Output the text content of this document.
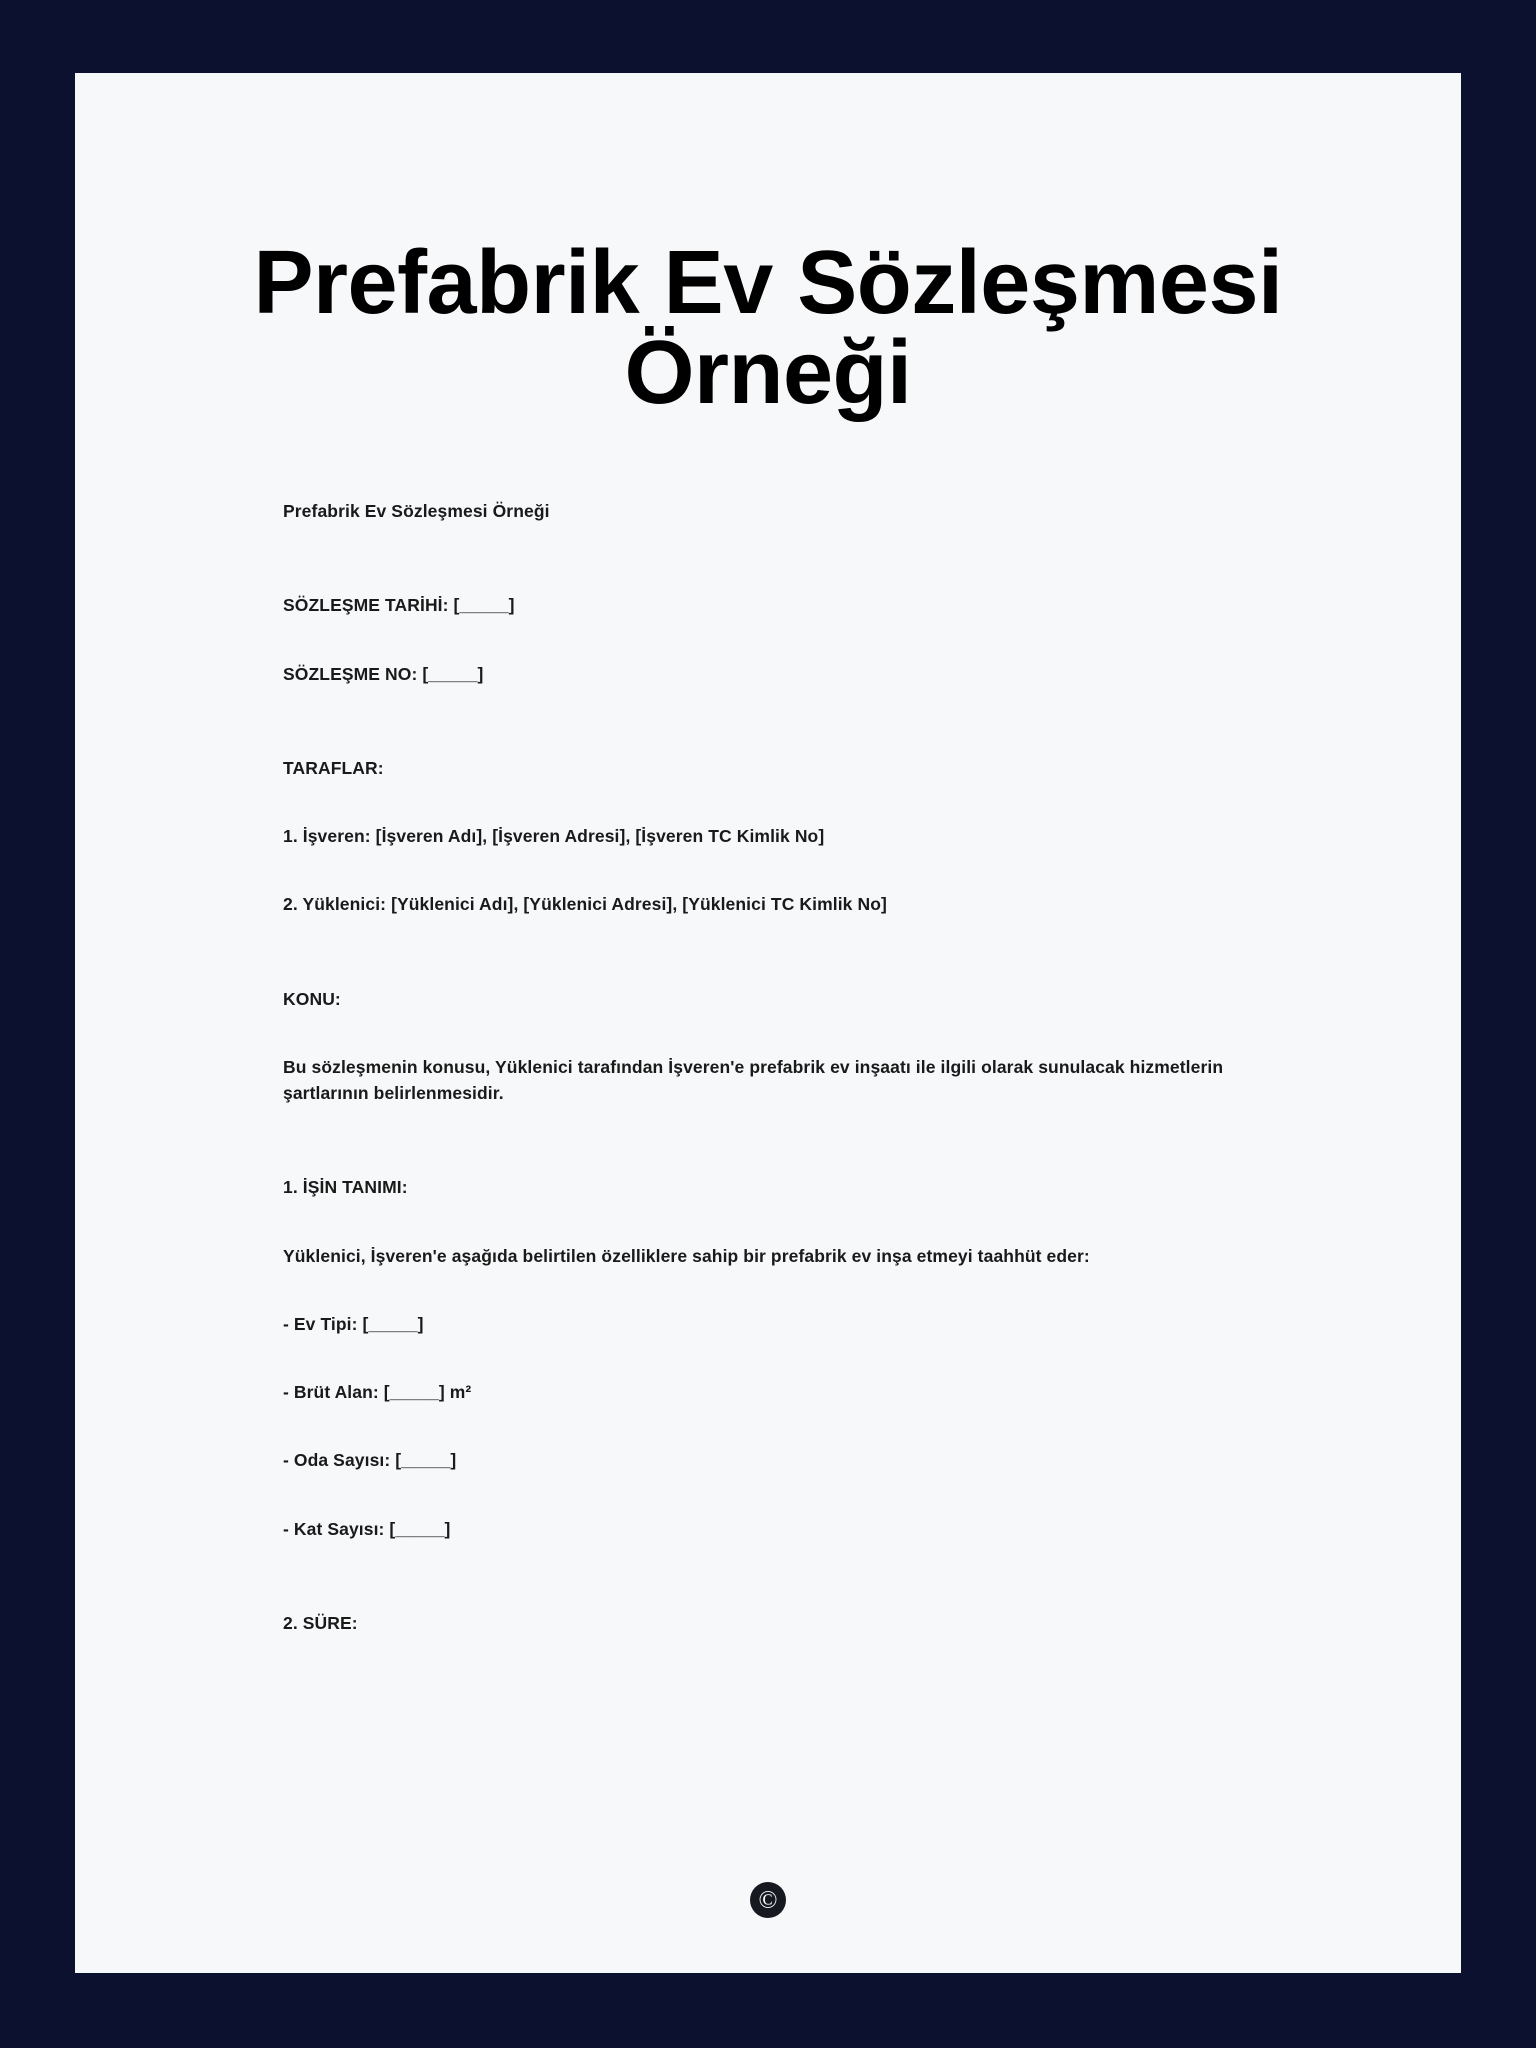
Prefabrik Ev Sözleşmesi Örneği

Prefabrik Ev Sözleşmesi Örneği

SÖZLEŞME TARİHİ: [_____]

SÖZLEŞME NO: [_____]

TARAFLAR:

1. İşveren: [İşveren Adı], [İşveren Adresi], [İşveren TC Kimlik No]

2. Yüklenici: [Yüklenici Adı], [Yüklenici Adresi], [Yüklenici TC Kimlik No]

KONU:

Bu sözleşmenin konusu, Yüklenici tarafından İşveren'e prefabrik ev inşaatı ile ilgili olarak sunulacak hizmetlerin şartlarının belirlenmesidir.

1. İŞİN TANIMI:

Yüklenici, İşveren'e aşağıda belirtilen özelliklere sahip bir prefabrik ev inşa etmeyi taahhüt eder:

- Ev Tipi: [_____]

- Brüt Alan: [_____] m²

- Oda Sayısı: [_____]

- Kat Sayısı: [_____]

2. SÜRE:

©
